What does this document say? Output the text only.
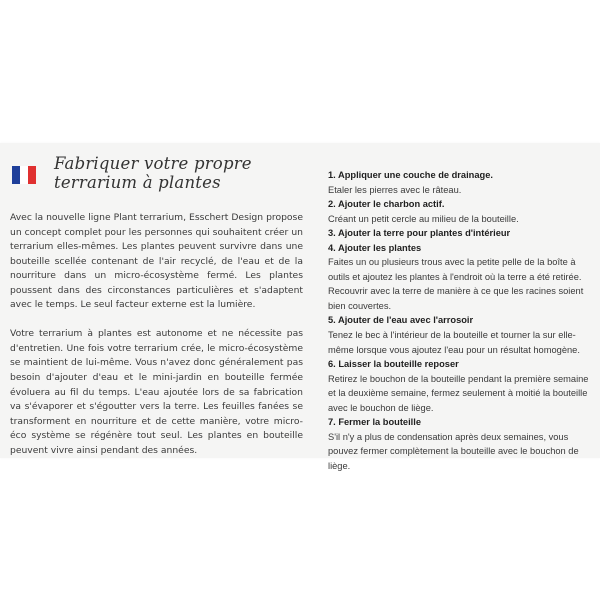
Fabriquer votre propre
terrarium à plantes

Avec la nouvelle ligne Plant terrarium, Esschert Design propose un concept complet pour les personnes qui souhaitent créer un terrarium elles-mêmes. Les plantes peuvent survivre dans une bouteille scellée contenant de l'air recyclé, de l'eau et de la nourriture dans un micro-écosystème fermé. Les plantes poussent dans des circonstances particulières et s'adaptent avec le temps. Le seul facteur externe est la lumière.

Votre terrarium à plantes est autonome et ne nécessite pas d'entretien. Une fois votre terrarium crée, le micro-écosystème se maintient de lui-même. Vous n'avez donc généralement pas besoin d'ajouter d'eau et le mini-jardin en bouteille fermée évoluera au fil du temps. L'eau ajoutée lors de sa fabrication va s'évaporer et s'égoutter vers la terre. Les feuilles fanées se transforment en nourriture et de cette manière, votre micro-éco système se régénère tout seul. Les plantes en bouteille peuvent vivre ainsi pendant des années.

1. Appliquer une couche de drainage.

Etaler les pierres avec le râteau.

2. Ajouter le charbon actif.

Créant un petit cercle au milieu de la bouteille.

3. Ajouter la terre pour plantes d'intérieur
4. Ajouter les plantes

Faites un ou plusieurs trous avec la petite pelle de la boîte à outils et ajoutez les plantes à l'endroit où la terre a été retirée. Recouvrir avec la terre de manière à ce que les racines soient bien couvertes.

5. Ajouter de l'eau avec l'arrosoir

Tenez le bec à l'intérieur de la bouteille et tourner la sur elle-même lorsque vous ajoutez l'eau pour un résultat homogène.

6. Laisser la bouteille reposer

Retirez le bouchon de la bouteille pendant la première semaine et la deuxième semaine, fermez seulement à moitié la bouteille avec le bouchon de liège.

7. Fermer la bouteille

S'il n'y a plus de condensation après deux semaines, vous pouvez fermer complètement la bouteille avec le bouchon de liège.
